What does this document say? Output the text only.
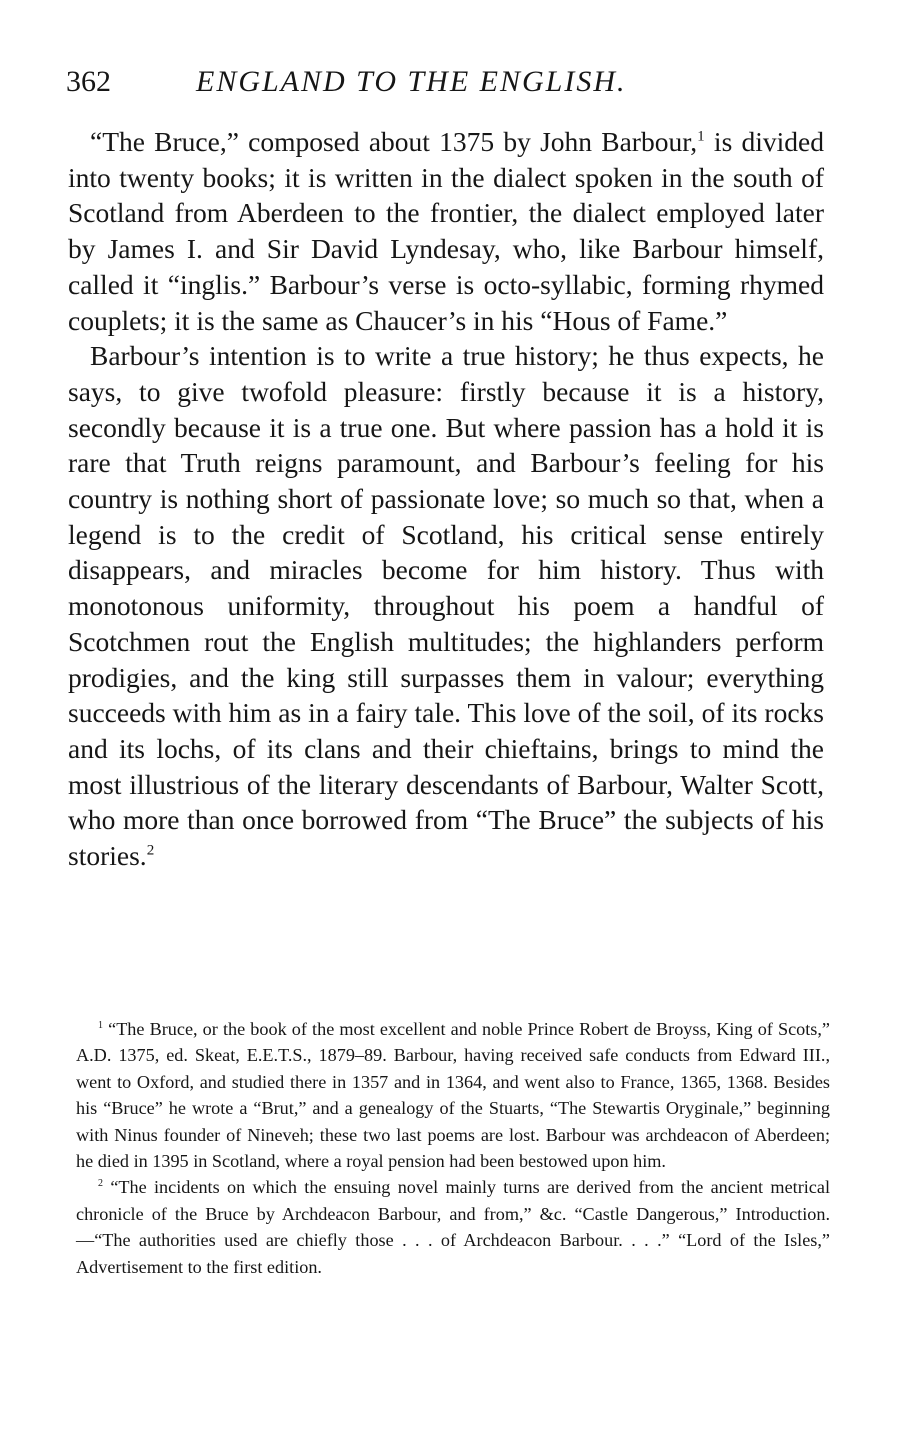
362	ENGLAND TO THE ENGLISH.

“The Bruce,” composed about 1375 by John Barbour,$^1$ is divided into twenty books; it is written in the dialect spoken in the south of Scotland from Aberdeen to the frontier, the dialect employed later by James I. and Sir David Lyndesay, who, like Barbour himself, called it “inglis.” Barbour’s verse is octo-syllabic, forming rhymed couplets; it is the same as Chaucer’s in his “Hous of Fame.”

Barbour’s intention is to write a true history; he thus expects, he says, to give twofold pleasure: firstly because it is a history, secondly because it is a true one. But where passion has a hold it is rare that Truth reigns paramount, and Barbour’s feeling for his country is nothing short of passionate love; so much so that, when a legend is to the credit of Scotland, his critical sense entirely disappears, and miracles become for him history. Thus with monotonous uniformity, throughout his poem a handful of Scotchmen rout the English multitudes; the highlanders perform prodigies, and the king still surpasses them in valour; everything succeeds with him as in a fairy tale. This love of the soil, of its rocks and its lochs, of its clans and their chieftains, brings to mind the most illustrious of the literary descendants of Barbour, Walter Scott, who more than once borrowed from “The Bruce” the subjects of his stories.$^2$

$^1$ “The Bruce, or the book of the most excellent and noble Prince Robert de Broyss, King of Scots,” A.D. 1375, ed. Skeat, E.E.T.S., 1879–89. Barbour, having received safe conducts from Edward III., went to Oxford, and studied there in 1357 and in 1364, and went also to France, 1365, 1368. Besides his “Bruce” he wrote a “Brut,” and a genealogy of the Stuarts, “The Stewartis Oryginale,” beginning with Ninus founder of Nineveh; these two last poems are lost. Barbour was archdeacon of Aberdeen; he died in 1395 in Scotland, where a royal pension had been bestowed upon him.

$^2$ “The incidents on which the ensuing novel mainly turns are derived from the ancient metrical chronicle of the Bruce by Archdeacon Barbour, and from,” &c. “Castle Dangerous,” Introduction.—“The authorities used are chiefly those . . . of Archdeacon Barbour. . . .” “Lord of the Isles,” Advertisement to the first edition.
